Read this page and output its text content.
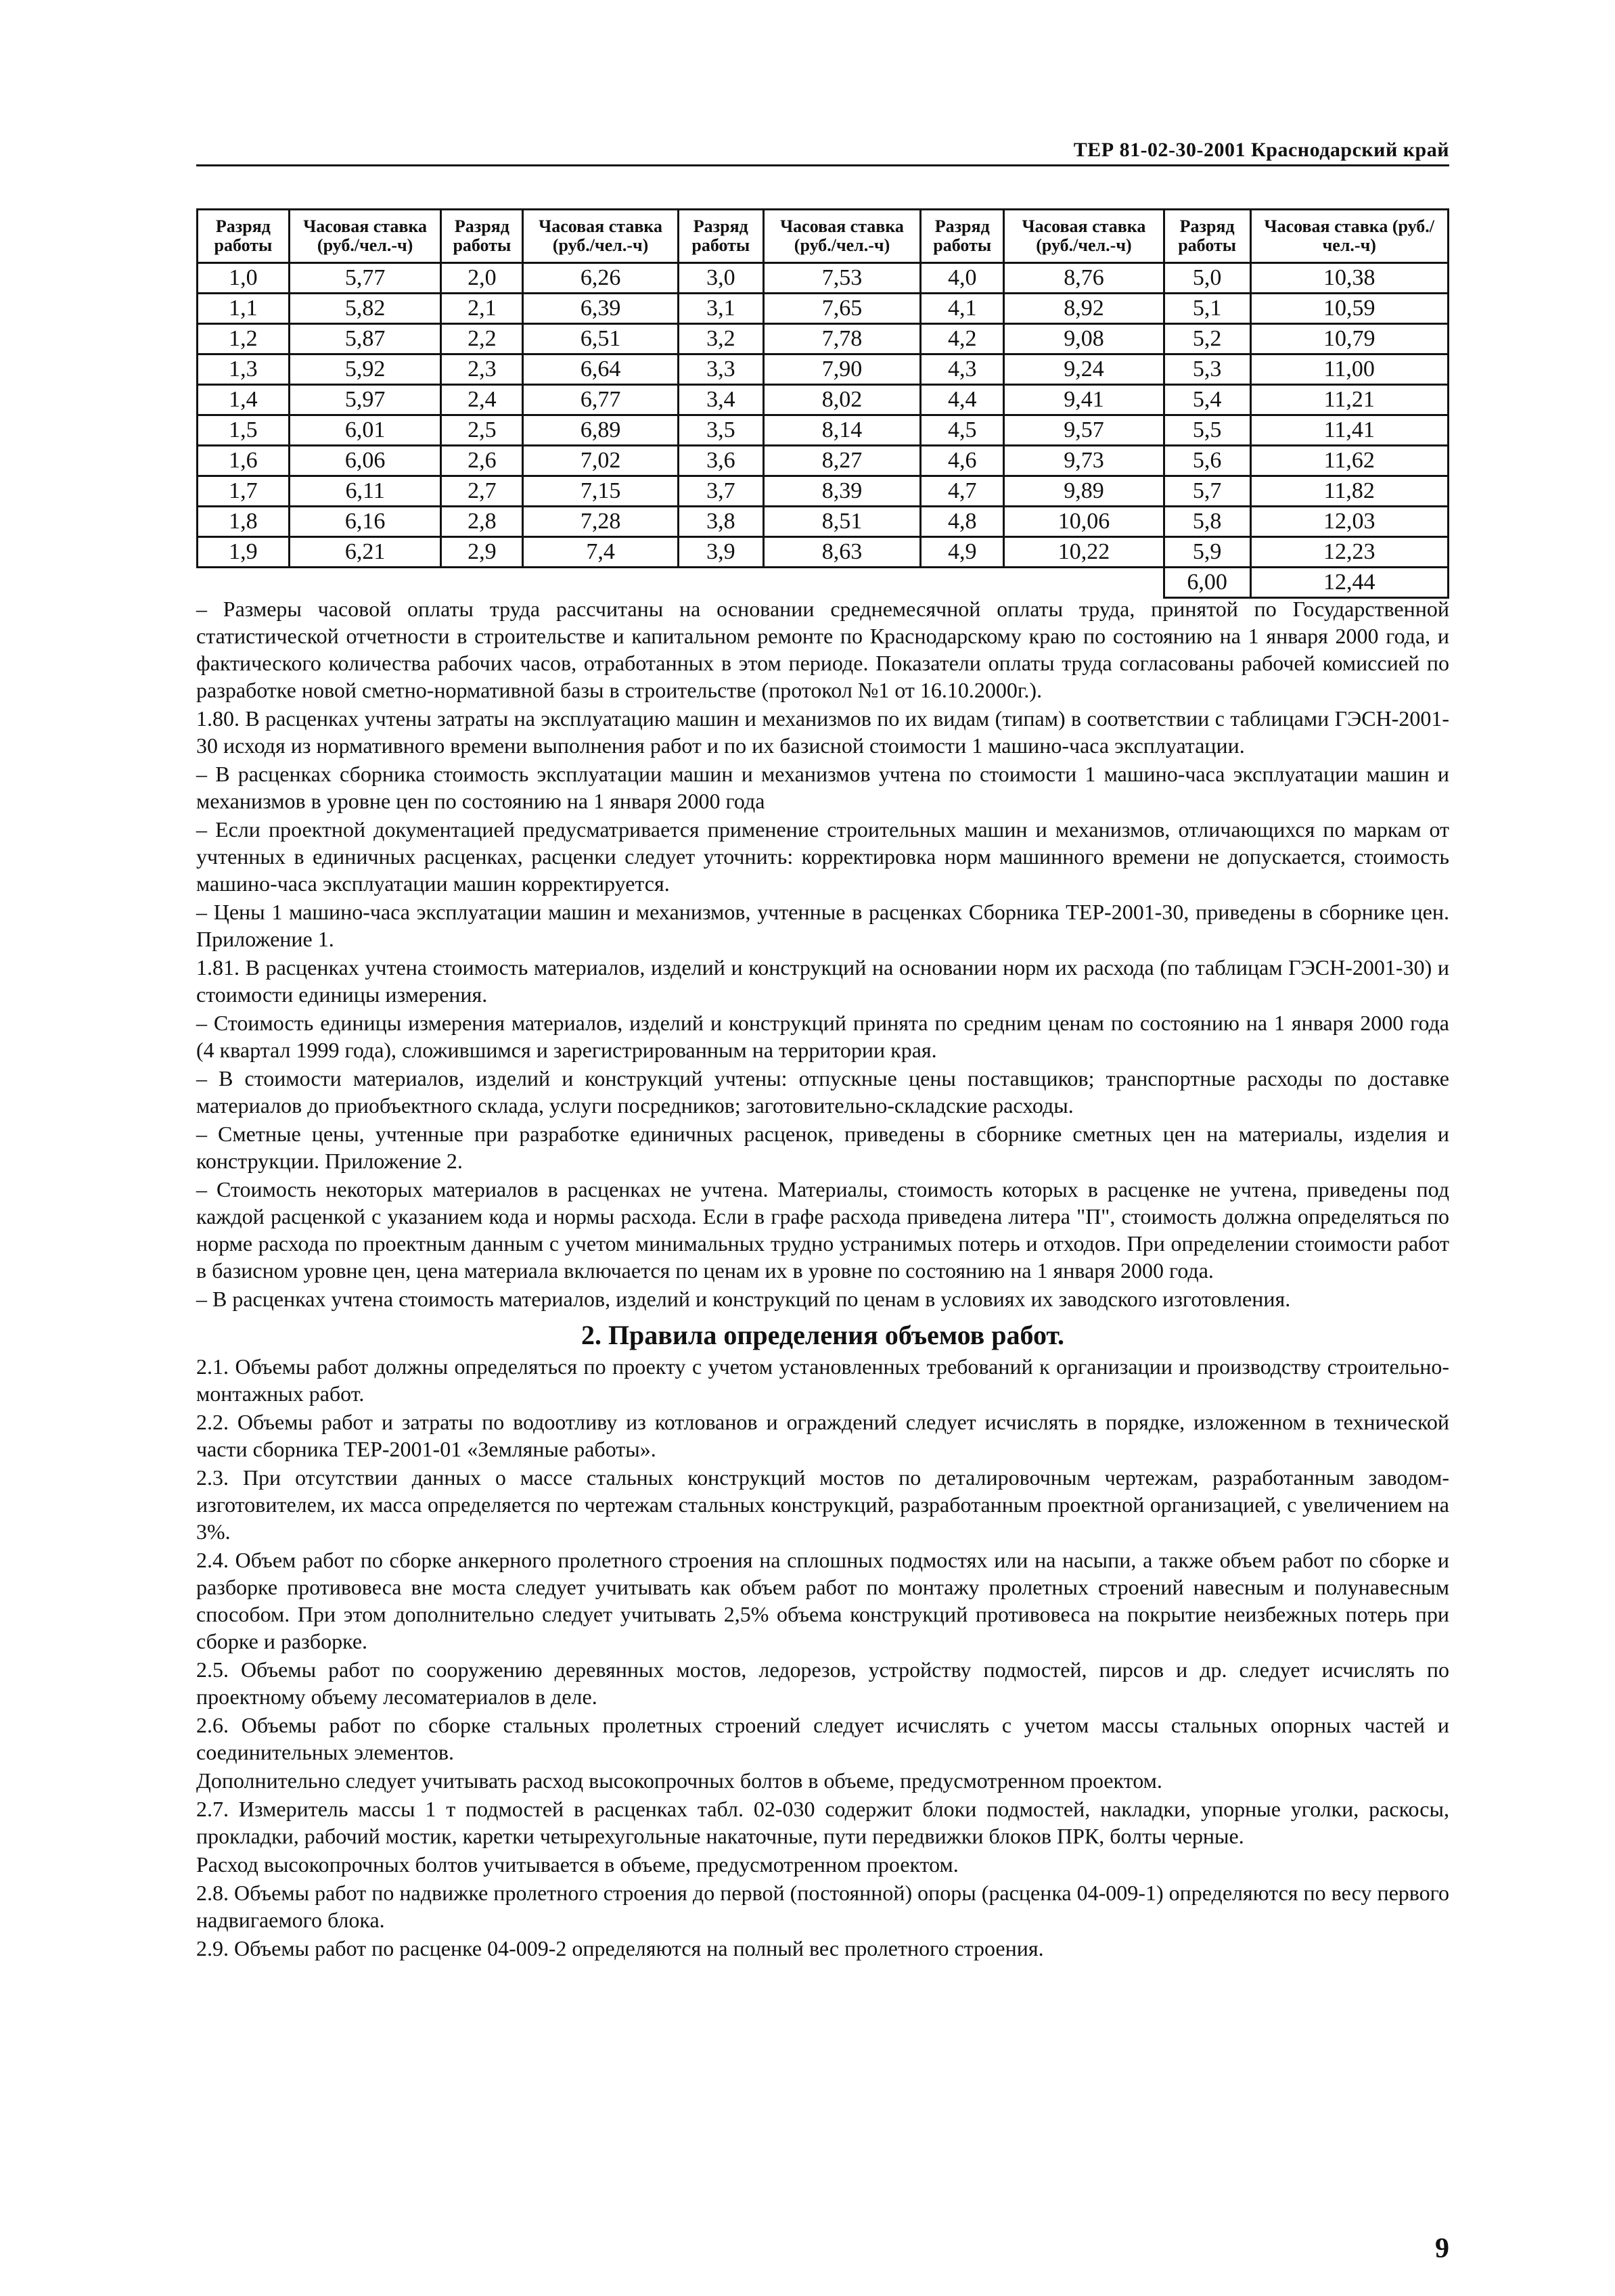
ТЕР 81-02-30-2001 Краснодарский край
Разряд работы	Часовая ставка (руб./чел.-ч)	Разряд работы	Часовая ставка (руб./чел.-ч)	Разряд работы	Часовая ставка (руб./чел.-ч)	Разряд работы	Часовая ставка (руб./чел.-ч)	Разряд работы	Часовая ставка (руб./чел.-ч)
1,0	5,77	2,0	6,26	3,0	7,53	4,0	8,76	5,0	10,38
1,1	5,82	2,1	6,39	3,1	7,65	4,1	8,92	5,1	10,59
1,2	5,87	2,2	6,51	3,2	7,78	4,2	9,08	5,2	10,79
1,3	5,92	2,3	6,64	3,3	7,90	4,3	9,24	5,3	11,00
1,4	5,97	2,4	6,77	3,4	8,02	4,4	9,41	5,4	11,21
1,5	6,01	2,5	6,89	3,5	8,14	4,5	9,57	5,5	11,41
1,6	6,06	2,6	7,02	3,6	8,27	4,6	9,73	5,6	11,62
1,7	6,11	2,7	7,15	3,7	8,39	4,7	9,89	5,7	11,82
1,8	6,16	2,8	7,28	3,8	8,51	4,8	10,06	5,8	12,03
1,9	6,21	2,9	7,4	3,9	8,63	4,9	10,22	5,9	12,23
								6,00	12,44

– Размеры часовой оплаты труда рассчитаны на основании среднемесячной оплаты труда, принятой по Государственной статистической отчетности в строительстве и капитальном ремонте по Краснодарскому краю по состоянию на 1 января 2000 года, и фактического количества рабочих часов, отработанных в этом периоде. Показатели оплаты труда согласованы рабочей комиссией по разработке новой сметно-нормативной базы в строительстве (протокол №1 от 16.10.2000г.).

1.80. В расценках учтены затраты на эксплуатацию машин и механизмов по их видам (типам) в соответствии с таблицами ГЭСН-2001-30 исходя из нормативного времени выполнения работ и по их базисной стоимости 1 машино-часа эксплуатации.

– В расценках сборника стоимость эксплуатации машин и механизмов учтена по стоимости 1 машино-часа эксплуатации машин и механизмов в уровне цен по состоянию на 1 января 2000 года

– Если проектной документацией предусматривается применение строительных машин и механизмов, отличающихся по маркам от учтенных в единичных расценках, расценки следует уточнить: корректировка норм машинного времени не допускается, стоимость машино-часа эксплуатации машин корректируется.

– Цены 1 машино-часа эксплуатации машин и механизмов, учтенные в расценках Сборника ТЕР-2001-30, приведены в сборнике цен. Приложение 1.

1.81. В расценках учтена стоимость материалов, изделий и конструкций на основании норм их расхода (по таблицам ГЭСН-2001-30) и стоимости единицы измерения.

– Стоимость единицы измерения материалов, изделий и конструкций принята по средним ценам по состоянию на 1 января 2000 года (4 квартал 1999 года), сложившимся и зарегистрированным на территории края.

– В стоимости материалов, изделий и конструкций учтены: отпускные цены поставщиков; транспортные расходы по доставке материалов до приобъектного склада, услуги посредников; заготовительно-складские расходы.

– Сметные цены, учтенные при разработке единичных расценок, приведены в сборнике сметных цен на материалы, изделия и конструкции. Приложение 2.

– Стоимость некоторых материалов в расценках не учтена. Материалы, стоимость которых в расценке не учтена, приведены под каждой расценкой с указанием кода и нормы расхода. Если в графе расхода приведена литера "П", стоимость должна определяться по норме расхода по проектным данным с учетом минимальных трудно устранимых потерь и отходов. При определении стоимости работ в базисном уровне цен, цена материала включается по ценам их в уровне по состоянию на 1 января 2000 года.

– В расценках учтена стоимость материалов, изделий и конструкций по ценам в условиях их заводского изготовления.

2. Правила определения объемов работ.

2.1. Объемы работ должны определяться по проекту с учетом установленных требований к организации и производству строительно-монтажных работ.

2.2. Объемы работ и затраты по водоотливу из котлованов и ограждений следует исчислять в порядке, изложенном в технической части сборника ТЕР-2001-01 «Земляные работы».

2.3. При отсутствии данных о массе стальных конструкций мостов по деталировочным чертежам, разработанным заводом-изготовителем, их масса определяется по чертежам стальных конструкций, разработанным проектной организацией, с увеличением на 3%.

2.4. Объем работ по сборке анкерного пролетного строения на сплошных подмостях или на насыпи, а также объем работ по сборке и разборке противовеса вне моста следует учитывать как объем работ по монтажу пролетных строений навесным и полунавесным способом. При этом дополнительно следует учитывать 2,5% объема конструкций противовеса на покрытие неизбежных потерь при сборке и разборке.

2.5. Объемы работ по сооружению деревянных мостов, ледорезов, устройству подмостей, пирсов и др. следует исчислять по проектному объему лесоматериалов в деле.

2.6. Объемы работ по сборке стальных пролетных строений следует исчислять с учетом массы стальных опорных частей и соединительных элементов.

Дополнительно следует учитывать расход высокопрочных болтов в объеме, предусмотренном проектом.

2.7. Измеритель массы 1 т подмостей в расценках табл. 02-030 содержит блоки подмостей, накладки, упорные уголки, раскосы, прокладки, рабочий мостик, каретки четырехугольные накаточные, пути передвижки блоков ПРК, болты черные.

Расход высокопрочных болтов учитывается в объеме, предусмотренном проектом.

2.8. Объемы работ по надвижке пролетного строения до первой (постоянной) опоры (расценка 04-009-1) определяются по весу первого надвигаемого блока.

2.9. Объемы работ по расценке 04-009-2 определяются на полный вес пролетного строения.

9
